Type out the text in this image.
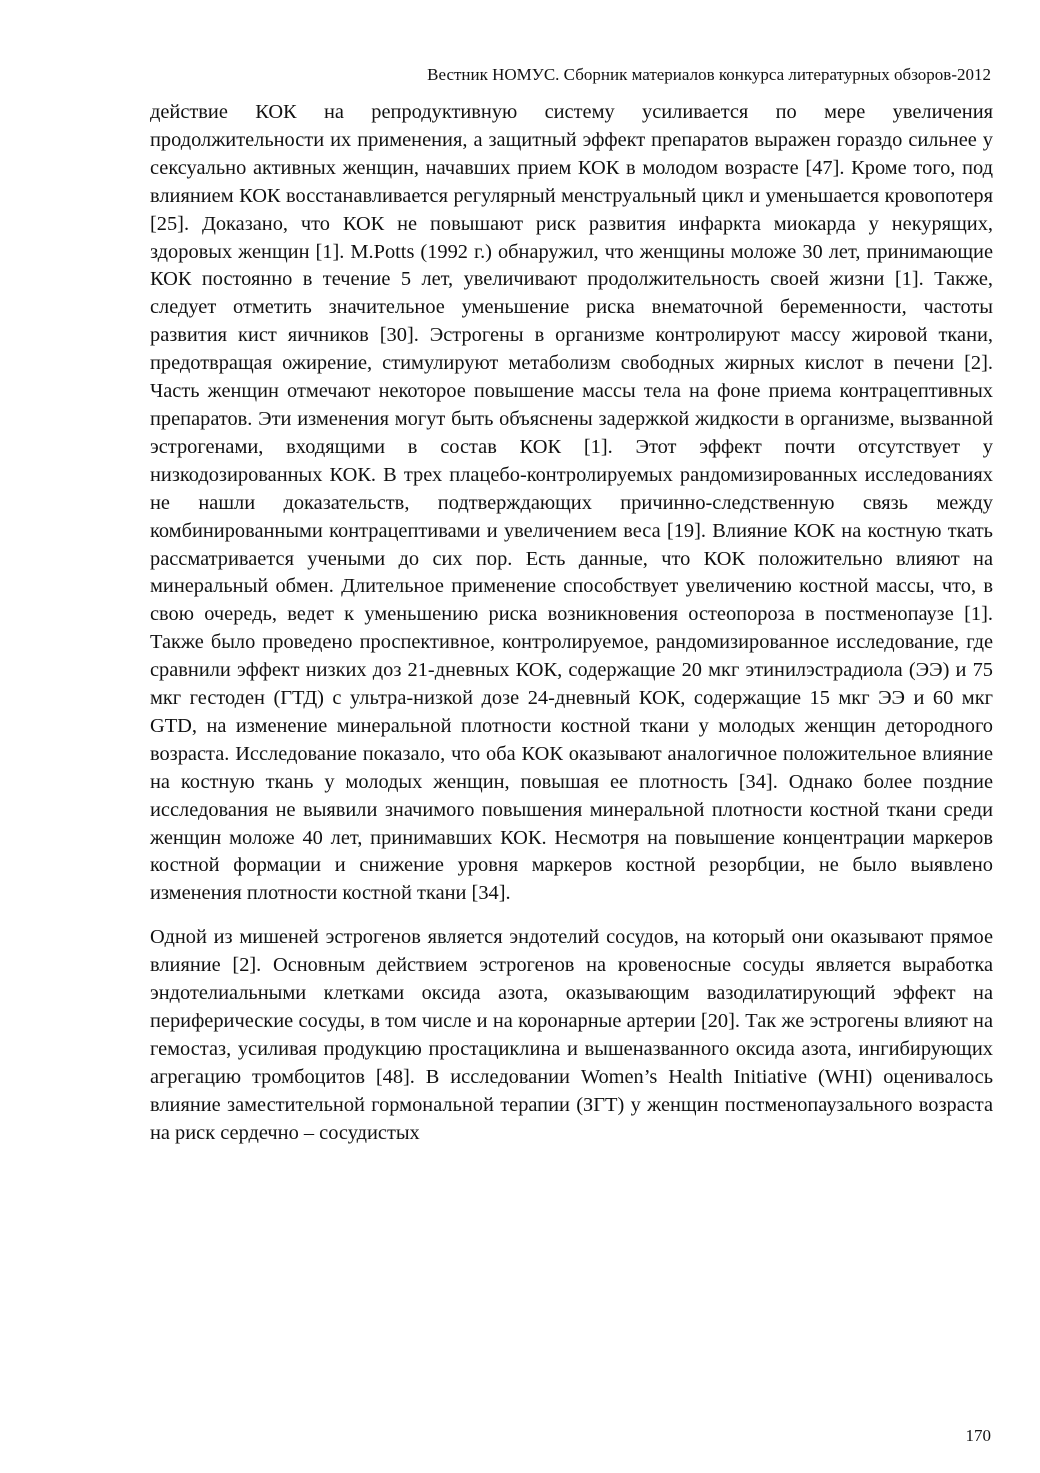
Вестник НОМУС. Сборник материалов конкурса литературных обзоров-2012

действие КОК на репродуктивную систему усиливается по мере увеличения продолжительности их применения, а защитный эффект препаратов выражен гораздо сильнее у сексуально активных женщин, начавших прием КОК в молодом возрасте [47]. Кроме того, под влиянием КОК восстанавливается регулярный менструальный цикл и уменьшается кровопотеря [25]. Доказано, что КОК не повышают риск развития инфаркта миокарда у некурящих, здоровых женщин [1]. M.Potts (1992 г.) обнаружил, что женщины моложе 30 лет, принимающие КОК постоянно в течение 5 лет, увеличивают продолжительность своей жизни [1]. Также, следует отметить значительное уменьшение риска внематочной беременности, частоты развития кист яичников [30]. Эстрогены в организме контролируют массу жировой ткани, предотвращая ожирение, стимулируют метаболизм свободных жирных кислот в печени [2]. Часть женщин отмечают некоторое повышение массы тела на фоне приема контрацептивных препаратов. Эти изменения могут быть объяснены задержкой жидкости в организме, вызванной эстрогенами, входящими в состав КОК [1]. Этот эффект почти отсутствует у низкодозированных КОК. В трех плацебо-контролируемых рандомизированных исследованиях не нашли доказательств, подтверждающих причинно-следственную связь между комбинированными контрацептивами и увеличением веса [19]. Влияние КОК на костную ткать рассматривается учеными до сих пор. Есть данные, что КОК положительно влияют на минеральный обмен. Длительное применение способствует увеличению костной массы, что, в свою очередь, ведет к уменьшению риска возникновения остеопороза в постменопаузе [1]. Также было проведено проспективное, контролируемое, рандомизированное исследование, где сравнили эффект низких доз 21-дневных КОК, содержащие 20 мкг этинилэстрадиола (ЭЭ) и 75 мкг гестоден (ГТД) с ультра-низкой дозе 24-дневный КОК, содержащие 15 мкг ЭЭ и 60 мкг GTD, на изменение минеральной плотности костной ткани у молодых женщин детородного возраста. Исследование показало, что оба КОК оказывают аналогичное положительное влияние на костную ткань у молодых женщин, повышая ее плотность [34]. Однако более поздние исследования не выявили значимого повышения минеральной плотности костной ткани среди женщин моложе 40 лет, принимавших КОК. Несмотря на повышение концентрации маркеров костной формации и снижение уровня маркеров костной резорбции, не было выявлено изменения плотности костной ткани [34].

Одной из мишеней эстрогенов является эндотелий сосудов, на который они оказывают прямое влияние [2]. Основным действием эстрогенов на кровеносные сосуды является выработка эндотелиальными клетками оксида азота, оказывающим вазодилатирующий эффект на периферические сосуды, в том числе и на коронарные артерии [20]. Так же эстрогены влияют на гемостаз, усиливая продукцию простациклина и вышеназванного оксида азота, ингибирующих агрегацию тромбоцитов [48]. В исследовании Women’s Health Initiative (WHI) оценивалось влияние заместительной гормональной терапии (ЗГТ) у женщин постменопаузального возраста на риск сердечно – сосудистых

170
